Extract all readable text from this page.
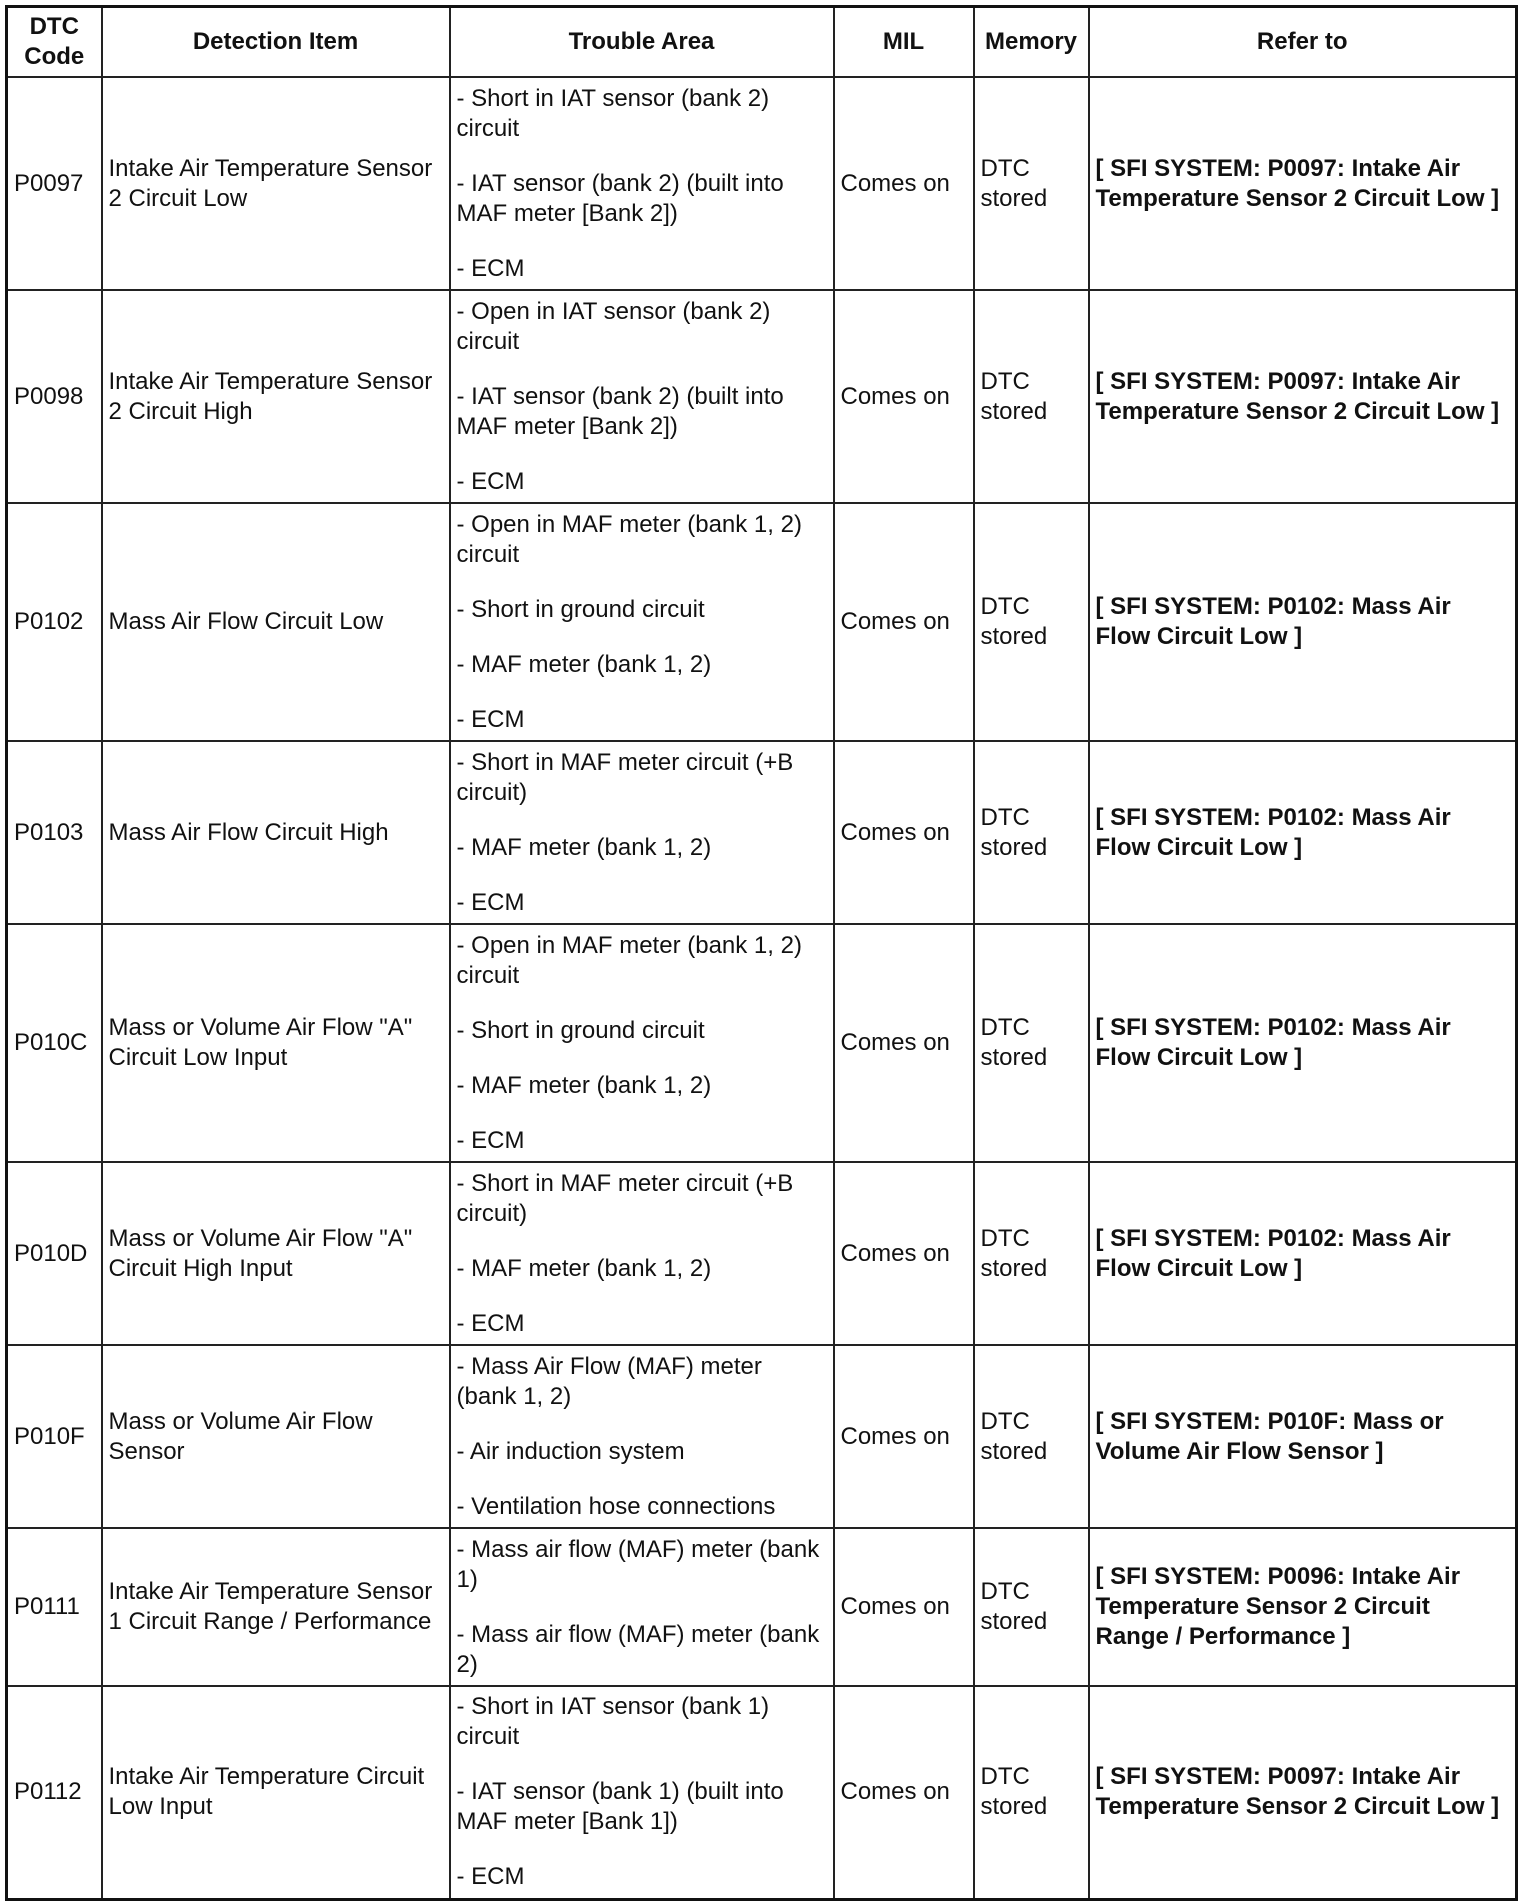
DTC Code	Detection Item	Trouble Area	MIL	Memory	Refer to
P0097	Intake Air Temperature Sensor 2 Circuit Low	- Short in IAT sensor (bank 2) circuit
- IAT sensor (bank 2) (built into MAF meter [Bank 2])
- ECM	Comes on	DTC stored	[ SFI SYSTEM: P0097: Intake Air Temperature Sensor 2 Circuit Low ]
P0098	Intake Air Temperature Sensor 2 Circuit High	- Open in IAT sensor (bank 2) circuit
- IAT sensor (bank 2) (built into MAF meter [Bank 2])
- ECM	Comes on	DTC stored	[ SFI SYSTEM: P0097: Intake Air Temperature Sensor 2 Circuit Low ]
P0102	Mass Air Flow Circuit Low	- Open in MAF meter (bank 1, 2) circuit
- Short in ground circuit
- MAF meter (bank 1, 2)
- ECM	Comes on	DTC stored	[ SFI SYSTEM: P0102: Mass Air Flow Circuit Low ]
P0103	Mass Air Flow Circuit High	- Short in MAF meter circuit (+B circuit)
- MAF meter (bank 1, 2)
- ECM	Comes on	DTC stored	[ SFI SYSTEM: P0102: Mass Air Flow Circuit Low ]
P010C	Mass or Volume Air Flow "A" Circuit Low Input	- Open in MAF meter (bank 1, 2) circuit
- Short in ground circuit
- MAF meter (bank 1, 2)
- ECM	Comes on	DTC stored	[ SFI SYSTEM: P0102: Mass Air Flow Circuit Low ]
P010D	Mass or Volume Air Flow "A" Circuit High Input	- Short in MAF meter circuit (+B circuit)
- MAF meter (bank 1, 2)
- ECM	Comes on	DTC stored	[ SFI SYSTEM: P0102: Mass Air Flow Circuit Low ]
P010F	Mass or Volume Air Flow Sensor	- Mass Air Flow (MAF) meter (bank 1, 2)
- Air induction system
- Ventilation hose connections	Comes on	DTC stored	[ SFI SYSTEM: P010F: Mass or Volume Air Flow Sensor ]
P0111	Intake Air Temperature Sensor 1 Circuit Range / Performance	- Mass air flow (MAF) meter (bank 1)
- Mass air flow (MAF) meter (bank 2)	Comes on	DTC stored	[ SFI SYSTEM: P0096: Intake Air Temperature Sensor 2 Circuit Range / Performance ]
P0112	Intake Air Temperature Circuit Low Input	- Short in IAT sensor (bank 1) circuit
- IAT sensor (bank 1) (built into MAF meter [Bank 1])
- ECM	Comes on	DTC stored	[ SFI SYSTEM: P0097: Intake Air Temperature Sensor 2 Circuit Low ]
